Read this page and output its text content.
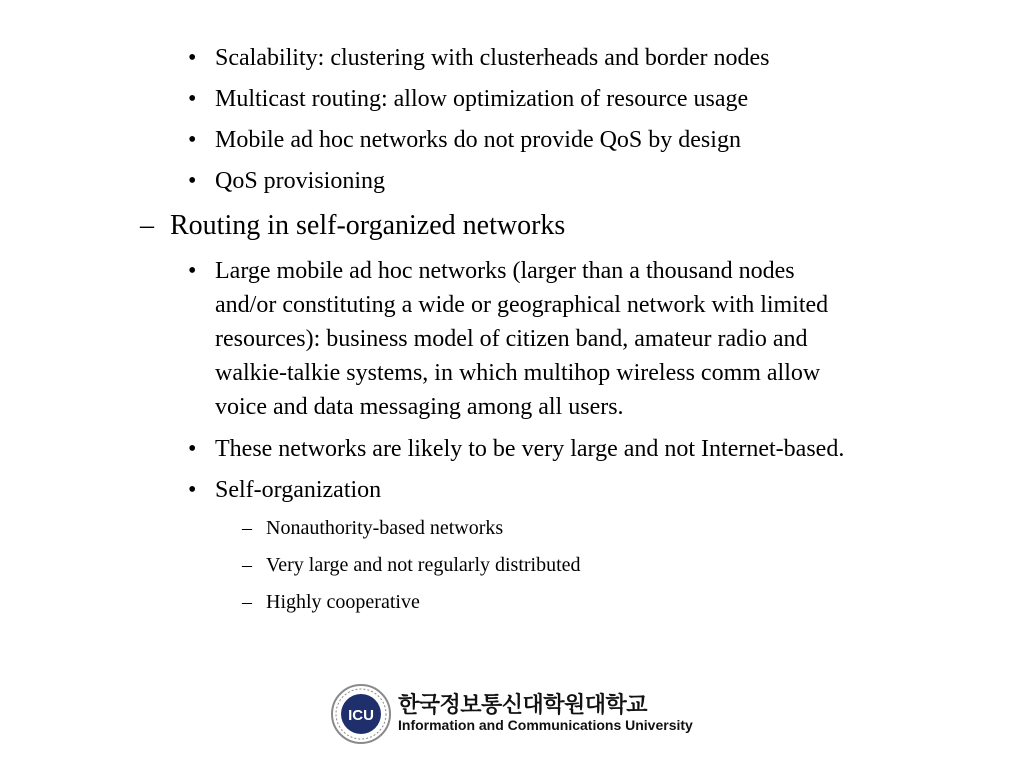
• Scalability: clustering with clusterheads and border nodes
• Multicast routing: allow optimization of resource usage
• Mobile ad hoc networks do not provide QoS by design
• QoS provisioning
– Routing in self-organized networks
• Large mobile ad hoc networks (larger than a thousand nodes
and/or constituting a wide or geographical network with limited
resources): business model of citizen band, amateur radio and
walkie-talkie systems, in which multihop wireless comm allow
voice and data messaging among all users.
• These networks are likely to be very large and not Internet-based.
• Self-organization
– Nonauthority-based networks
– Very large and not regularly distributed
– Highly cooperative
ICU 한국정보통신대학원대학교
Information and Communications University
